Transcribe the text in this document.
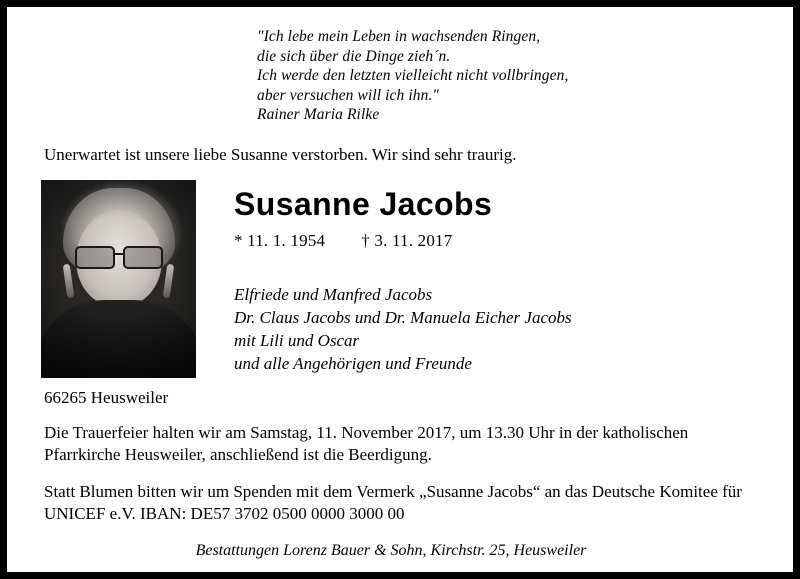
"Ich lebe mein Leben in wachsenden Ringen,
die sich über die Dinge zieh´n.
Ich werde den letzten vielleicht nicht vollbringen,
aber versuchen will ich ihn."
Rainer Maria Rilke
Unerwartet ist unsere liebe Susanne verstorben. Wir sind sehr traurig.
Susanne Jacobs
* 11. 1. 1954 † 3. 11. 2017
Elfriede und Manfred Jacobs
Dr. Claus Jacobs und Dr. Manuela Eicher Jacobs
mit Lili und Oscar
und alle Angehörigen und Freunde
66265 Heusweiler
Die Trauerfeier halten wir am Samstag, 11. November 2017, um 13.30 Uhr in der katholischen Pfarrkirche Heusweiler, anschließend ist die Beerdigung.
Statt Blumen bitten wir um Spenden mit dem Vermerk „Susanne Jacobs“ an das Deutsche Komitee für UNICEF e.V. IBAN: DE57 3702 0500 0000 3000 00
Bestattungen Lorenz Bauer & Sohn, Kirchstr. 25, Heusweiler
